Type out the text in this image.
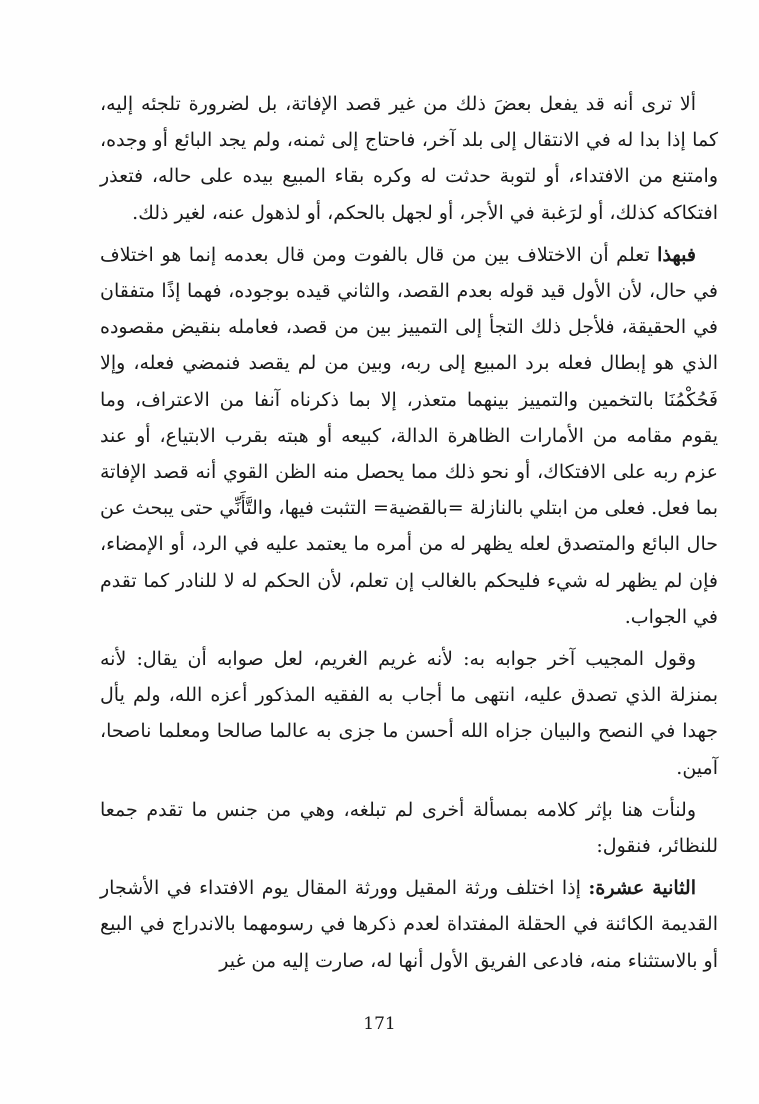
ألا ترى أنه قد يفعل بعضَ ذلك من غير قصد الإفاتة، بل لضرورة تلجئه إليه، كما إذا بدا له في الانتقال إلى بلد آخر، فاحتاج إلى ثمنه، ولم يجد البائع أو وجده، وامتنع من الافتداء، أو لتوبة حدثت له وكره بقاء المبيع بيده على حاله، فتعذر افتكاكه كذلك، أو لرَغبة في الأجر، أو لجهل بالحكم، أو لذهول عنه، لغير ذلك.

فبهذا تعلم أن الاختلاف بين من قال بالفوت ومن قال بعدمه إنما هو اختلاف في حال، لأن الأول قيد قوله بعدم القصد، والثاني قيده بوجوده، فهما إذًا متفقان في الحقيقة، فلأجل ذلك التجأ إلى التمييز بين من قصد، فعامله بنقيض مقصوده الذي هو إبطال فعله برد المبيع إلى ربه، وبين من لم يقصد فنمضي فعله، وإلا فَحُكْمُنَا بالتخمين والتمييز بينهما متعذر، إلا بما ذكرناه آنفا من الاعتراف، وما يقوم مقامه من الأمارات الظاهرة الدالة، كبيعه أو هبته بقرب الابتياع، أو عند عزم ربه على الافتكاك، أو نحو ذلك مما يحصل منه الظن القوي أنه قصد الإفاتة بما فعل. فعلى من ابتلي بالنازلة =بالقضية= التثبت فيها، والتَّأَنِّي حتى يبحث عن حال البائع والمتصدق لعله يظهر له من أمره ما يعتمد عليه في الرد، أو الإمضاء، فإن لم يظهر له شيء فليحكم بالغالب إن تعلم، لأن الحكم له لا للنادر كما تقدم في الجواب.

وقول المجيب آخر جوابه به: لأنه غريم الغريم، لعل صوابه أن يقال: لأنه بمنزلة الذي تصدق عليه، انتهى ما أجاب به الفقيه المذكور أعزه الله، ولم يأل جهدا في النصح والبيان جزاه الله أحسن ما جزى به عالما صالحا ومعلما ناصحا، آمين.

ولنأت هنا بإثر كلامه بمسألة أخرى لم تبلغه، وهي من جنس ما تقدم جمعا للنظائر، فنقول:

الثانية عشرة: إذا اختلف ورثة المقيل وورثة المقال يوم الافتداء في الأشجار القديمة الكائنة في الحقلة المفتداة لعدم ذكرها في رسومهما بالاندراج في البيع أو بالاستثناء منه، فادعى الفريق الأول أنها له، صارت إليه من غير

171
